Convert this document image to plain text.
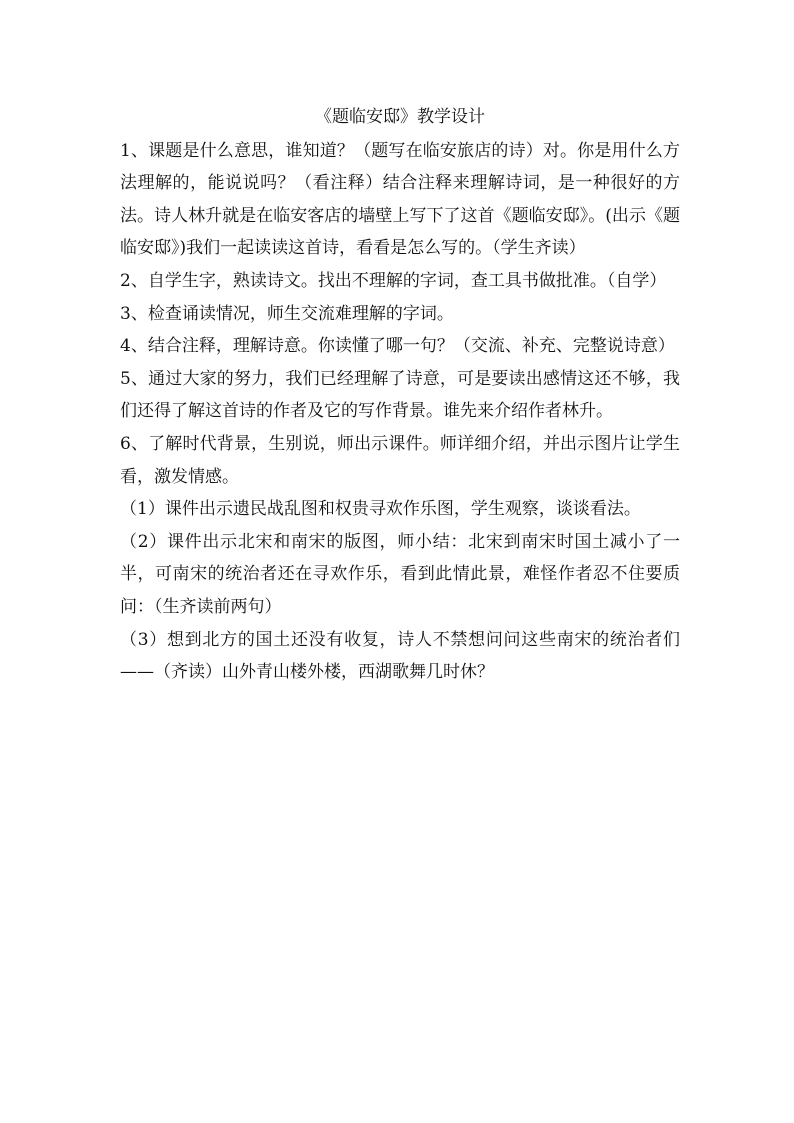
《题临安邸》教学设计

1、课题是什么意思，谁知道？（题写在临安旅店的诗）对。你是用什么方法理解的，能说说吗？（看注释）结合注释来理解诗词，是一种很好的方法。诗人林升就是在临安客店的墙壁上写下了这首《题临安邸》。(出示《题临安邸》)我们一起读读这首诗，看看是怎么写的。（学生齐读）

2、自学生字，熟读诗文。找出不理解的字词，查工具书做批准。（自学）

3、检查诵读情况，师生交流难理解的字词。

4、结合注释，理解诗意。你读懂了哪一句？（交流、补充、完整说诗意）

5、通过大家的努力，我们已经理解了诗意，可是要读出感情这还不够，我们还得了解这首诗的作者及它的写作背景。谁先来介绍作者林升。

6、了解时代背景，生别说，师出示课件。师详细介绍，并出示图片让学生看，激发情感。

（1）课件出示遗民战乱图和权贵寻欢作乐图，学生观察，谈谈看法。

（2）课件出示北宋和南宋的版图，师小结：北宋到南宋时国土减小了一半，可南宋的统治者还在寻欢作乐，看到此情此景，难怪作者忍不住要质问：（生齐读前两句）

（3）想到北方的国土还没有收复，诗人不禁想问问这些南宋的统治者们——（齐读）山外青山楼外楼，西湖歌舞几时休？
